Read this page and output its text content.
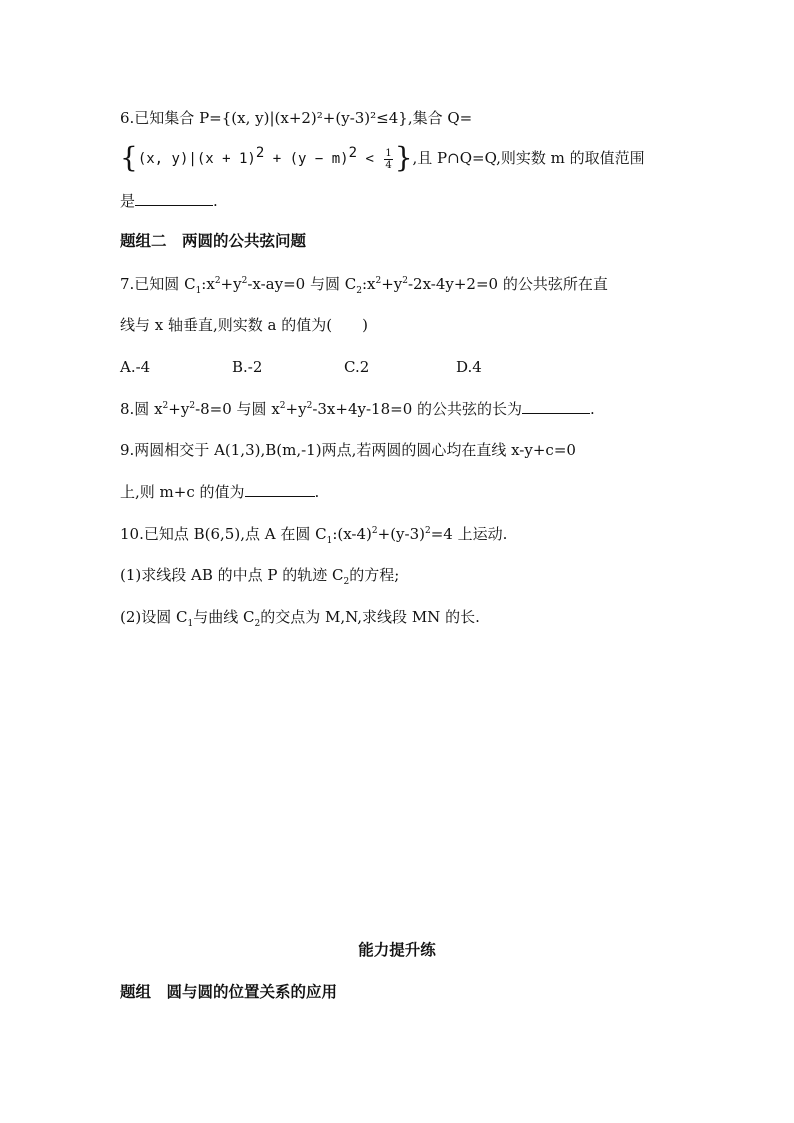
6.已知集合 P={(x, y)|(x+2)²+(y-3)²≤4},集合 Q=
{(x, $y)|(x + 1)^2 + (y - m)^2 < \frac{1}{4}$ },且 P∩Q=Q,则实数 m 的取值范围
是	.
题组二　两圆的公共弦问题
7.已知圆 $C_1:x^2+y^2-x-ay=0$ 与圆 $C_2:x^2+y^2-2x-4y+2=0$ 的公共弦所在直
线与 x 轴垂直,则实数 a 的值为(　　)
A.-4	B.-2	C.2	D.4
8.圆 $x^2+y^2-8=0$ 与圆 $x^2+y^2-3x+4y-18=0$ 的公共弦的长为	.
9.两圆相交于 A(1,3),B(m,-1)两点,若两圆的圆心均在直线 x-y+c=0
上,则 m+c 的值为	.
10.已知点 B(6,5),点 A 在圆 $C_1:(x-4)^2+(y-3)^2=4$ 上运动.
(1)求线段 AB 的中点 P 的轨迹 $C_2$的方程;
(2)设圆 $C_1$与曲线 $C_2$的交点为 M,N,求线段 MN 的长.
能力提升练
题组　圆与圆的位置关系的应用
